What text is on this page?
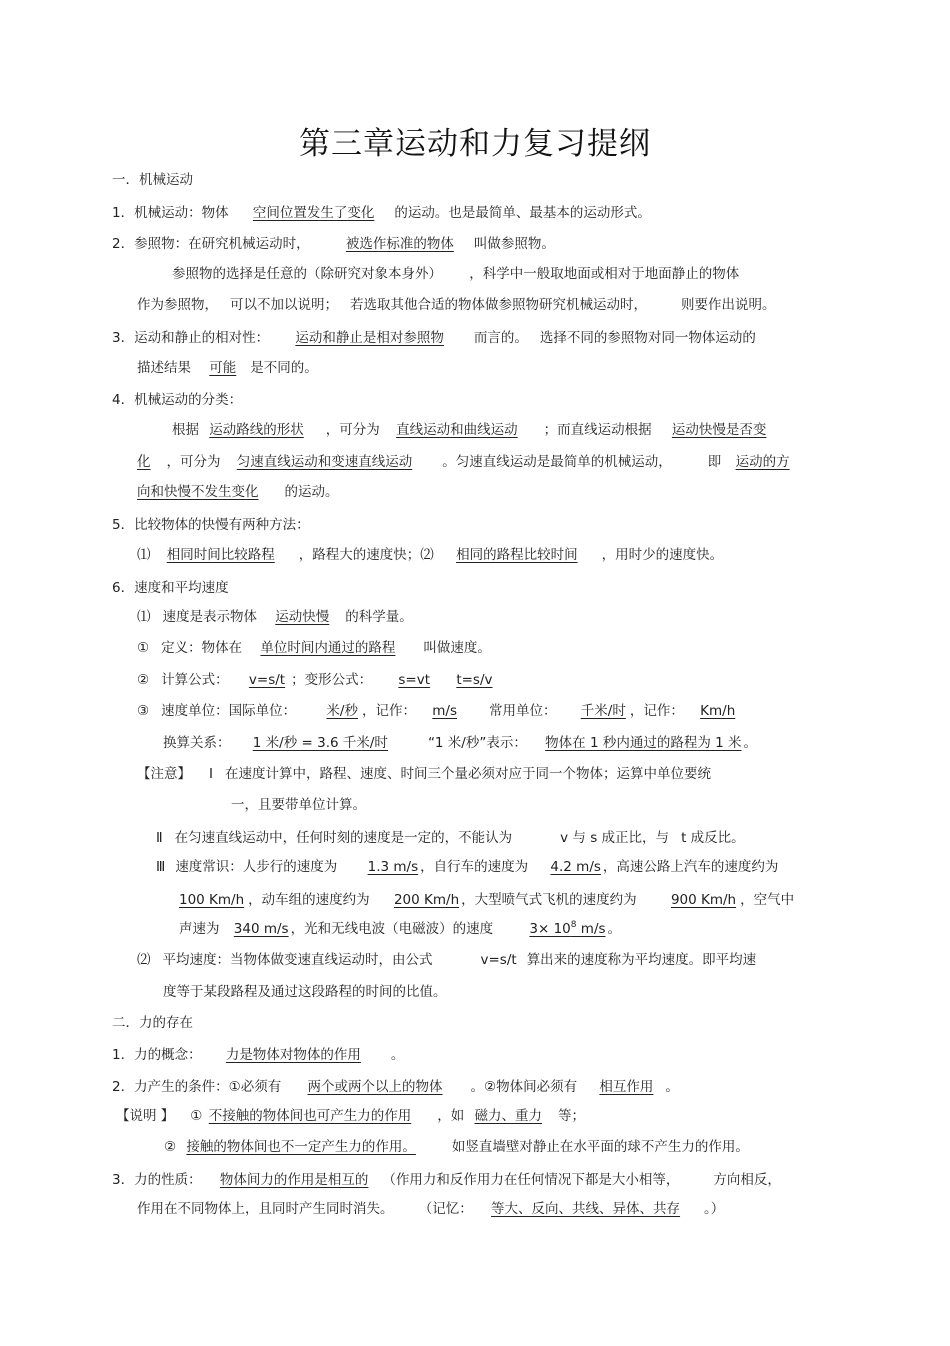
第三章运动和力复习提纲
一．机械运动
1．机械运动：物体 空间位置发生了变化 的运动。也是最简单、最基本的运动形式。
2．参照物：在研究机械运动时，	被选作标准的物体 叫做参照物。
参照物的选择是任意的（除研究对象本身外）	，科学中一般取地面或相对于地面静止的物体
作为参照物， 可以不加以说明； 若选取其他合适的物体做参照物研究机械运动时，	则要作出说明。
3．运动和静止的相对性： 运动和静止是相对参照物 而言的。 选择不同的参照物对同一物体运动的
描述结果 可能 是不同的。
4．机械运动的分类：
根据 运动路线的形状 ，可分为 直线运动和曲线运动 ；而直线运动根据 运动快慢是否变
化 ，可分为 匀速直线运动和变速直线运动 。匀速直线运动是最简单的机械运动，	即 运动的方
向和快慢不发生变化 的运动。
5．比较物体的快慢有两种方法：
⑴ 相同时间比较路程 ，路程大的速度快；⑵ 相同的路程比较时间 ，用时少的速度快。
6．速度和平均速度
⑴ 速度是表示物体 运动快慢 的科学量。
① 定义：物体在 单位时间内通过的路程 叫做速度。
② 计算公式： v=s/t ；变形公式： s=vt t=s/v
③ 速度单位：国际单位： 米/秒 ，记作： m/s 常用单位： 千米/时 ，记作： Km/h
换算关系： 1 米/秒 = 3.6 千米/时	“1 米/秒”表示： 物体在 1 秒内通过的路程为 1 米 。
【注意】 Ⅰ 在速度计算中，路程、速度、时间三个量必须对应于同一个物体；运算中单位要统
一，且要带单位计算。
Ⅱ 在匀速直线运动中，任何时刻的速度是一定的，不能认为	v 与 s 成正比，与 t 成反比。
Ⅲ 速度常识：人步行的速度为 1.3 m/s ，自行车的速度为 4.2 m/s ，高速公路上汽车的速度约为
100 Km/h ，动车组的速度约为 200 Km/h ，大型喷气式飞机的速度约为	900 Km/h ，空气中
声速为 340 m/s ，光和无线电波（电磁波）的速度	$3\times 10^8$ m/s 。
⑵ 平均速度：当物体做变速直线运动时，由公式	v=s/t 算出来的速度称为平均速度。即平均速
度等于某段路程及通过这段路程的时间的比值。
二．力的存在
1．力的概念： 力是物体对物体的作用 。
2．力产生的条件：①必须有 两个或两个以上的物体 。②物体间必须有 相互作用 。
【说明 】 ① 不接触的物体间也可产生力的作用 ，如 磁力、重力 等；
② 接触的物体间也不一定产生力的作用。	如竖直墙壁对静止在水平面的球不产生力的作用。
3．力的性质： 物体间力的作用是相互的 （作用力和反作用力在任何情况下都是大小相等，	方向相反，
作用在不同物体上，且同时产生同时消失。 （记忆： 等大、反向、共线、异体、共存 。）
